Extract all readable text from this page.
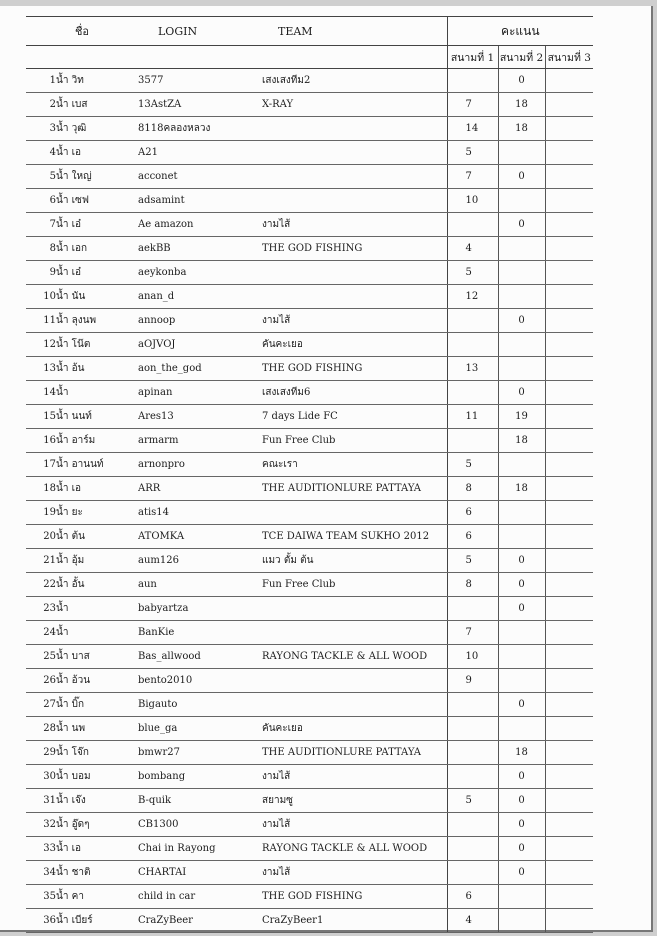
ชื่อ		LOGIN	TEAM	คะแนน		
				สนามที่ 1	สนามที่ 2	สนามที่ 3
1	น้ำ วิท	3577	เสงเสงทีม2		0	
2	น้ำ เบส	13AstZA	X-RAY	7	18	
3	น้ำ วุฒิ	8118คลองหลวง		14	18	
4	น้ำ เอ	A21		5		
5	น้ำ ใหญ่	acconet		7	0	
6	น้ำ เซฟ	adsamint		10		
7	น้ำ เอ๋	Ae amazon	งามไส้		0	
8	น้ำ เอก	aekBB	THE GOD FISHING	4		
9	น้ำ เอ๋	aeykonba		5		
10	น้ำ นัน	anan_d		12		
11	น้ำ ลุงนพ	annoop	งามไส้		0	
12	น้ำ โน๊ต	aOJVOJ	คันคะเยอ			
13	น้ำ อ้น	aon_the_god	THE GOD FISHING	13		
14	น้ำ	apinan	เสงเสงทีม6		0	
15	น้ำ นนท์	Ares13	7 days Lide FC	11	19	
16	น้ำ อาร์ม	armarm	Fun Free Club		18	
17	น้ำ อานนท์	arnonpro	คณะเรา	5		
18	น้ำ เอ	ARR	THE AUDITIONLURE PATTAYA	8	18	
19	น้ำ ยะ	atis14		6		
20	น้ำ ต้น	ATOMKA	TCE DAIWA TEAM SUKHO 2012	6		
21	น้ำ อุ้ม	aum126	แมว ตั้ม ต้น	5	0	
22	น้ำ อั้น	aun	Fun Free Club	8	0	
23	น้ำ	babyartza			0	
24	น้ำ	BanKie		7		
25	น้ำ บาส	Bas_allwood	RAYONG TACKLE & ALL WOOD	10		
26	น้ำ อ้วน	bento2010		9		
27	น้ำ บิ๊ก	Bigauto			0	
28	น้ำ นพ	blue_ga	คันคะเยอ			
29	น้ำ โจ๊ก	bmwr27	THE AUDITIONLURE PATTAYA		18	
30	น้ำ บอม	bombang	งามไส้		0	
31	น้ำ เจ๊ง	B-quik	สยามซู	5	0	
32	น้ำ อู๊ดๆ	CB1300	งามไส้		0	
33	น้ำ เอ	Chai in Rayong	RAYONG TACKLE & ALL WOOD		0	
34	น้ำ ชาติ	CHARTAI	งามไส้		0	
35	น้ำ คา	child in car	THE GOD FISHING	6		
36	น้ำ เบียร์	CraZyBeer	CraZyBeer1	4		
